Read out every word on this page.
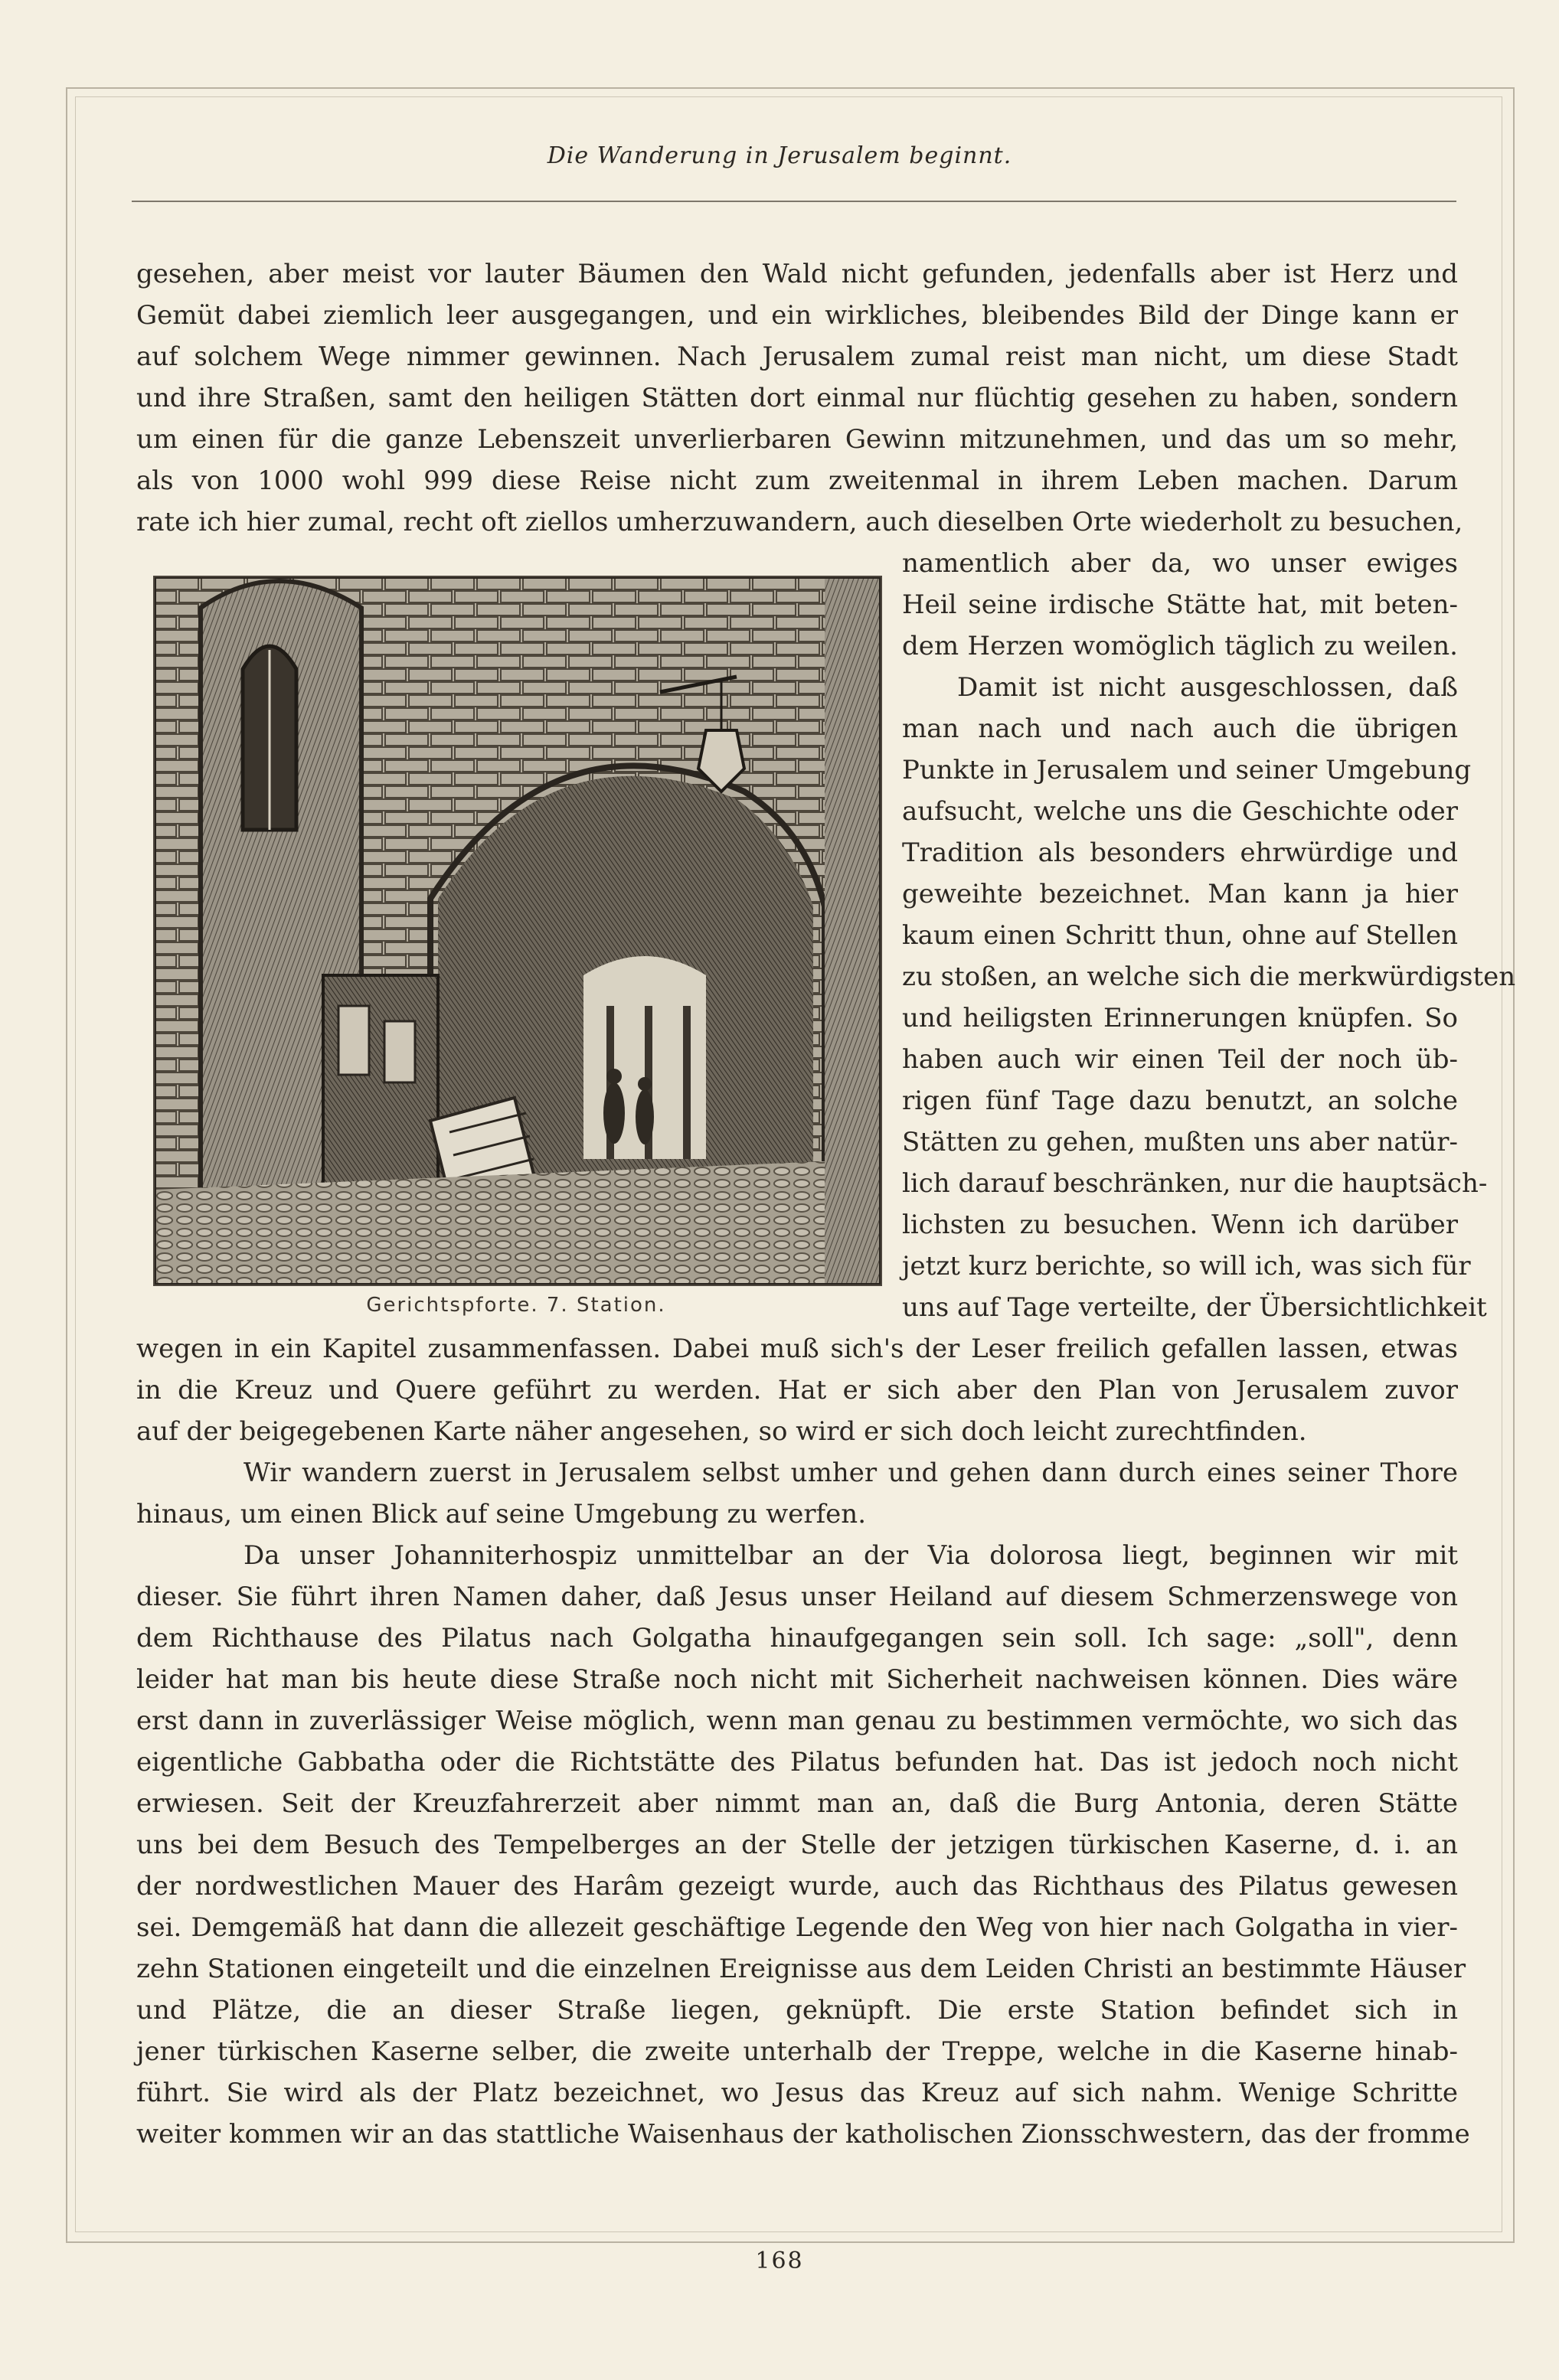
Die Wanderung in Jerusalem beginnt.

gesehen, aber meist vor lauter Bäumen den Wald nicht gefunden, jedenfalls aber ist Herz und

Gemüt dabei ziemlich leer ausgegangen, und ein wirkliches, bleibendes Bild der Dinge kann er

auf solchem Wege nimmer gewinnen. Nach Jerusalem zumal reist man nicht, um diese Stadt

und ihre Straßen, samt den heiligen Stätten dort einmal nur flüchtig gesehen zu haben, sondern

um einen für die ganze Lebenszeit unverlierbaren Gewinn mitzunehmen, und das um so mehr,

als von 1000 wohl 999 diese Reise nicht zum zweitenmal in ihrem Leben machen. Darum

rate ich hier zumal, recht oft ziellos umherzuwandern, auch dieselben Orte wiederholt zu besuchen,

namentlich aber da, wo unser ewiges

Heil seine irdische Stätte hat, mit beten-

dem Herzen womöglich täglich zu weilen.

Damit ist nicht ausgeschlossen, daß

man nach und nach auch die übrigen

Punkte in Jerusalem und seiner Umgebung

aufsucht, welche uns die Geschichte oder

Tradition als besonders ehrwürdige und

geweihte bezeichnet. Man kann ja hier

kaum einen Schritt thun, ohne auf Stellen

zu stoßen, an welche sich die merkwürdigsten

und heiligsten Erinnerungen knüpfen. So

haben auch wir einen Teil der noch üb-

rigen fünf Tage dazu benutzt, an solche

Stätten zu gehen, mußten uns aber natür-

lich darauf beschränken, nur die hauptsäch-

lichsten zu besuchen. Wenn ich darüber

jetzt kurz berichte, so will ich, was sich für

uns auf Tage verteilte, der Übersichtlichkeit

wegen in ein Kapitel zusammenfassen. Dabei muß sich's der Leser freilich gefallen lassen, etwas

in die Kreuz und Quere geführt zu werden. Hat er sich aber den Plan von Jerusalem zuvor

auf der beigegebenen Karte näher angesehen, so wird er sich doch leicht zurechtfinden.

Wir wandern zuerst in Jerusalem selbst umher und gehen dann durch eines seiner Thore

hinaus, um einen Blick auf seine Umgebung zu werfen.

Da unser Johanniterhospiz unmittelbar an der Via dolorosa liegt, beginnen wir mit

dieser. Sie führt ihren Namen daher, daß Jesus unser Heiland auf diesem Schmerzenswege von

dem Richthause des Pilatus nach Golgatha hinaufgegangen sein soll. Ich sage: „soll", denn

leider hat man bis heute diese Straße noch nicht mit Sicherheit nachweisen können. Dies wäre

erst dann in zuverlässiger Weise möglich, wenn man genau zu bestimmen vermöchte, wo sich das

eigentliche Gabbatha oder die Richtstätte des Pilatus befunden hat. Das ist jedoch noch nicht

erwiesen. Seit der Kreuzfahrerzeit aber nimmt man an, daß die Burg Antonia, deren Stätte

uns bei dem Besuch des Tempelberges an der Stelle der jetzigen türkischen Kaserne, d. i. an

der nordwestlichen Mauer des Harâm gezeigt wurde, auch das Richthaus des Pilatus gewesen

sei. Demgemäß hat dann die allezeit geschäftige Legende den Weg von hier nach Golgatha in vier-

zehn Stationen eingeteilt und die einzelnen Ereignisse aus dem Leiden Christi an bestimmte Häuser

und Plätze, die an dieser Straße liegen, geknüpft. Die erste Station befindet sich in

jener türkischen Kaserne selber, die zweite unterhalb der Treppe, welche in die Kaserne hinab-

führt. Sie wird als der Platz bezeichnet, wo Jesus das Kreuz auf sich nahm. Wenige Schritte

weiter kommen wir an das stattliche Waisenhaus der katholischen Zionsschwestern, das der fromme

Gerichtspforte. 7. Station.
168
